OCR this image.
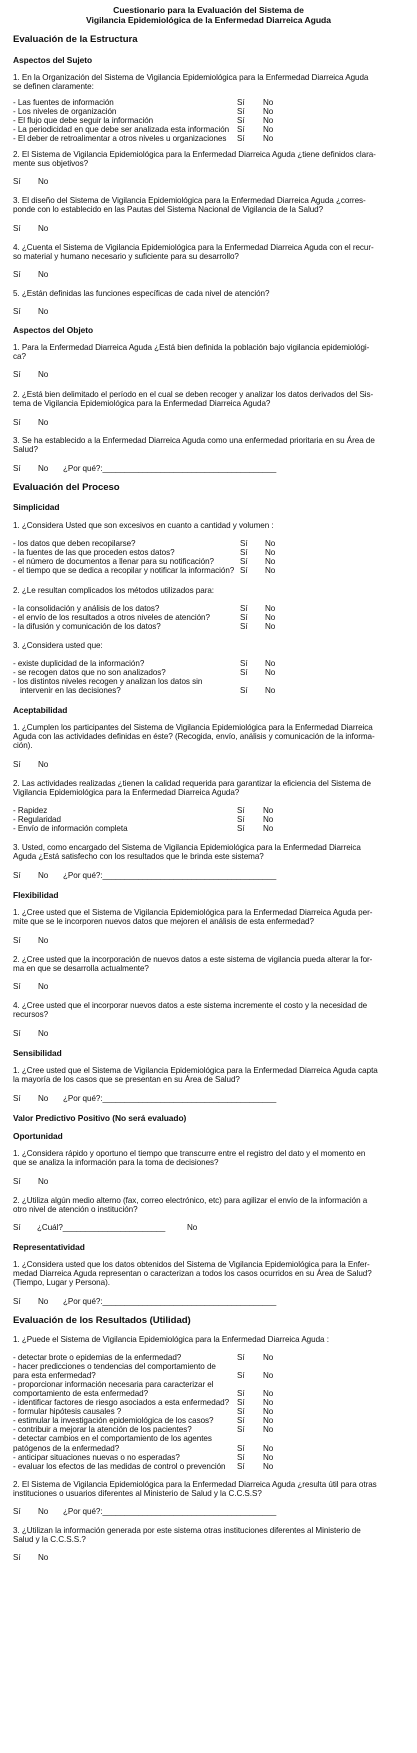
Cuestionario para la Evaluación del Sistema de
Vigilancia Epidemiológica de la Enfermedad Diarreica Aguda
Evaluación de la Estructura
Aspectos del Sujeto
1. En la Organización del Sistema de Vigilancia Epidemiológica para la Enfermedad Diarreica Aguda
se definen claramente:
- Las fuentes de información	Sí No
- Los niveles de organización	Sí No
- El flujo que debe seguir la información	Sí No
- La periodicidad en que debe ser analizada esta información Sí No
- El deber de retroalimentar a otros niveles u organizaciones Sí No
2. El Sistema de Vigilancia Epidemiológica para la Enfermedad Diarreica Aguda ¿tiene definidos clara-
mente sus objetivos?
Sí No
3. El diseño del Sistema de Vigilancia Epidemiológica para la Enfermedad Diarreica Aguda ¿corres-
ponde con lo establecido en las Pautas del Sistema Nacional de Vigilancia de la Salud?
Sí No
4. ¿Cuenta el Sistema de Vigilancia Epidemiológica para la Enfermedad Diarreica Aguda con el recur-
so material y humano necesario y suficiente para su desarrollo?
Sí No
5. ¿Están definidas las funciones específicas de cada nivel de atención?
Sí No
Aspectos del Objeto
1. Para la Enfermedad Diarreica Aguda ¿Está bien definida la población bajo vigilancia epidemiológi-
ca?
Sí No
2. ¿Está bien delimitado el período en el cual se deben recoger y analizar los datos derivados del Sis-
tema de Vigilancia Epidemiológica para la Enfermedad Diarreica Aguda?
Sí No
3. Se ha establecido a la Enfermedad Diarreica Aguda como una enfermedad prioritaria en su Área de
Salud?
Sí No ¿Por qué?:_______________________________________
Evaluación del Proceso
Simplicidad
1. ¿Considera Usted que son excesivos en cuanto a cantidad y volumen :
- los datos que deben recopilarse?	Sí No
- la fuentes de las que proceden estos datos?	Sí No
- el número de documentos a llenar para su notificación?	Sí No
- el tiempo que se dedica a recopilar y notificar la información? Sí No
2. ¿Le resultan complicados los métodos utilizados para:
- la consolidación y análisis de los datos?	Sí No
- el envío de los resultados a otros niveles de atención?	Sí No
- la difusión y comunicación de los datos?	Sí No
3. ¿Considera usted que:
- existe duplicidad de la información?	Sí No
- se recogen datos que no son analizados?	Sí No
- los distintos niveles recogen y analizan los datos sin
intervenir en las decisiones?	Sí No
Aceptabilidad
1. ¿Cumplen los participantes del Sistema de Vigilancia Epidemiológica para la Enfermedad Diarreica
Aguda con las actividades definidas en éste? (Recogida, envío, análisis y comunicación de la informa-
ción).
Sí No
2. Las actividades realizadas ¿tienen la calidad requerida para garantizar la eficiencia del Sistema de
Vigilancia Epidemiológica para la Enfermedad Diarreica Aguda?
- Rapidez	Sí No
- Regularidad	Sí No
- Envío de información completa	Sí No
3. Usted, como encargado del Sistema de Vigilancia Epidemiológica para la Enfermedad Diarreica
Aguda ¿Está satisfecho con los resultados que le brinda este sistema?
Sí No ¿Por qué?:_______________________________________
Flexibilidad
1. ¿Cree usted que el Sistema de Vigilancia Epidemiológica para la Enfermedad Diarreica Aguda per-
mite que se le incorporen nuevos datos que mejoren el análisis de esta enfermedad?
Sí No
2. ¿Cree usted que la incorporación de nuevos datos a este sistema de vigilancia pueda alterar la for-
ma en que se desarrolla actualmente?
Sí No
4. ¿Cree usted que el incorporar nuevos datos a este sistema incremente el costo y la necesidad de
recursos?
Sí No
Sensibilidad
1. ¿Cree usted que el Sistema de Vigilancia Epidemiológica para la Enfermedad Diarreica Aguda capta
la mayoría de los casos que se presentan en su Área de Salud?
Sí No ¿Por qué?:_______________________________________
Valor Predictivo Positivo (No será evaluado)
Oportunidad
1. ¿Considera rápido y oportuno el tiempo que transcurre entre el registro del dato y el momento en
que se analiza la información para la toma de decisiones?
Sí No
2. ¿Utiliza algún medio alterno (fax, correo electrónico, etc) para agilizar el envío de la información a
otro nivel de atención o institución?
Sí ¿Cuál?_______________________	No
Representatividad
1. ¿Considera usted que los datos obtenidos del Sistema de Vigilancia Epidemiológica para la Enfer-
medad Diarreica Aguda representan o caracterizan a todos los casos ocurridos en su Área de Salud?
(Tiempo, Lugar y Persona).
Sí No ¿Por qué?:_______________________________________
Evaluación de los Resultados (Utilidad)
1. ¿Puede el Sistema de Vigilancia Epidemiológica para la Enfermedad Diarreica Aguda :
- detectar brote o epidemias de la enfermedad?	Sí No
- hacer predicciones o tendencias del comportamiento de
para esta enfermedad?	Sí No
- proporcionar información necesaria para caracterizar el
comportamiento de esta enfermedad?	Sí No
- identificar factores de riesgo asociados a esta enfermedad? Sí No
- formular hipótesis causales ?	Sí No
- estimular la investigación epidemiológica de los casos?	Sí No
- contribuir a mejorar la atención de los pacientes?	Sí No
- detectar cambios en el comportamiento de los agentes
patógenos de la enfermedad?	Sí No
- anticipar situaciones nuevas o no esperadas?	Sí No
- evaluar los efectos de las medidas de control o prevención Sí No
2. El Sistema de Vigilancia Epidemiológica para la Enfermedad Diarreica Aguda ¿resulta útil para otras
instituciones o usuarios diferentes al Ministerio de Salud y la C.C.S.S?
Sí No ¿Por qué?:_______________________________________
3. ¿Utilizan la información generada por este sistema otras instituciones diferentes al Ministerio de
Salud y la C.C.S.S.?
Sí No
